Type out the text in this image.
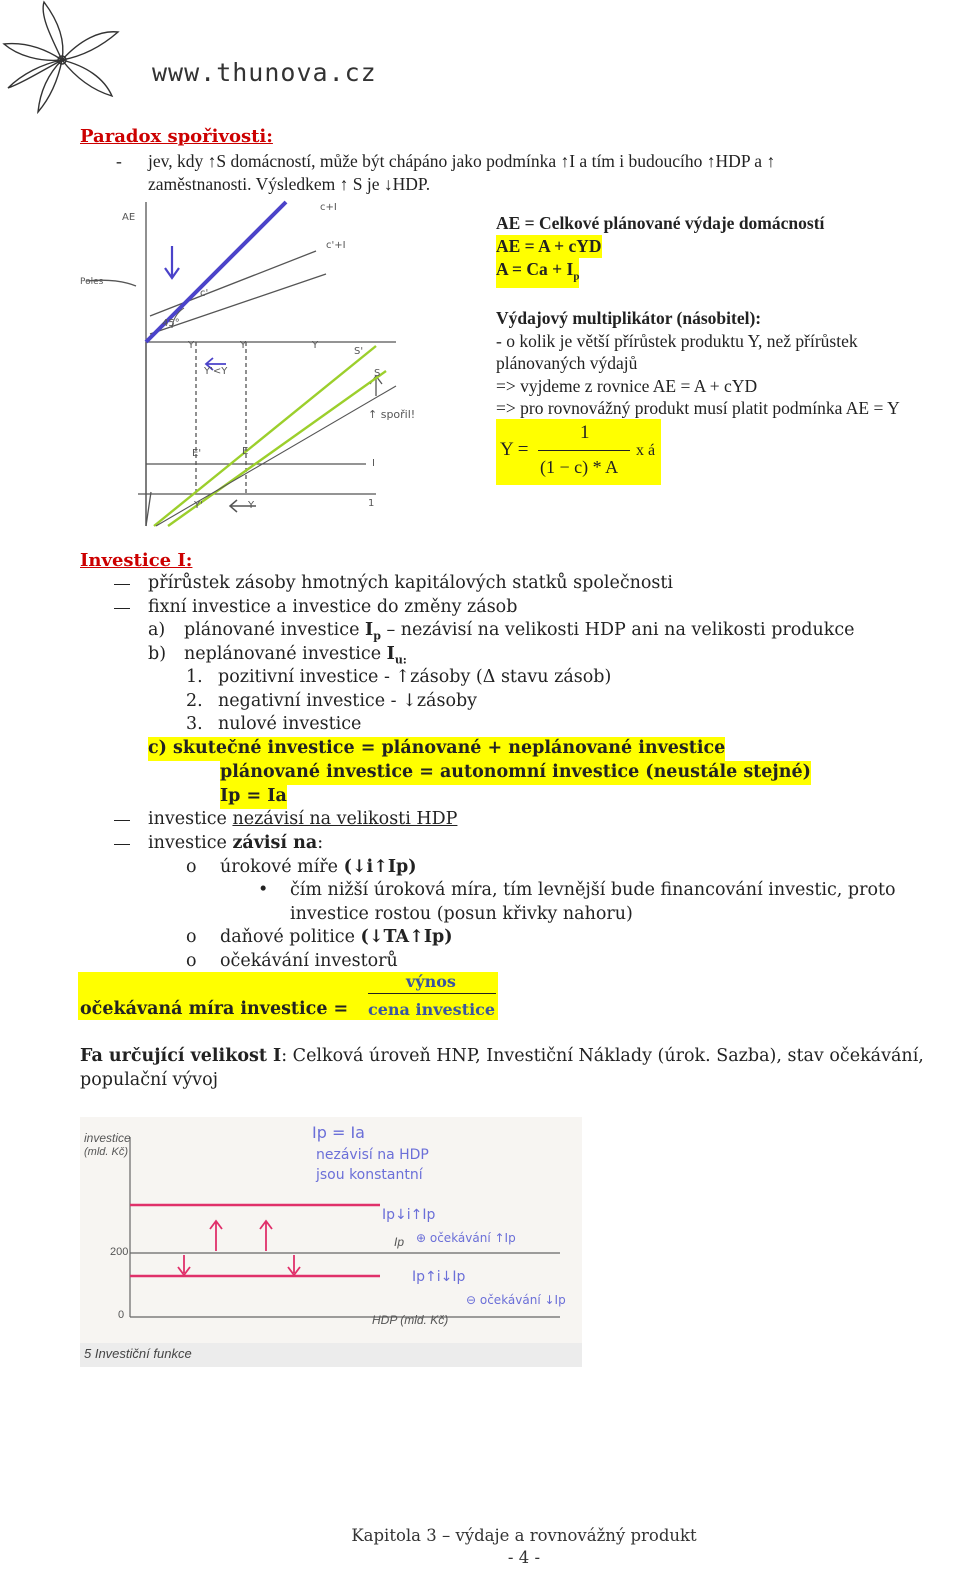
www.thunova.cz
Paradox spořivosti:
- jev, kdy ↑S domácností, může být chápáno jako podmínka ↑I a tím i budoucího ↑HDP a ↑
zaměstnanosti. Výsledkem ↑ S je ↓HDP.
AE
c+I
c'+I
c'
45°
Y	Y	Y
S'
S
Y'<Y
E'	E
I
Y'	Y	1
Poles
↑ spořil!
AE = Celkové plánované výdaje domácností
AE = A + cYD
$A = Ca + I_p$
Výdajový multiplikátor (násobitel):
- o kolik je větší přírůstek produktu Y, než přírůstek
plánovaných výdajů
=> vyjdeme z rovnice AE = A + cYD
=> pro rovnovážný produkt musí platit podmínka AE = Y
Y =
1
(1 − c) * A
x á
Investice I:
přírůstek zásoby hmotných kapitálových statků společnosti
fixní investice a investice do změny zásob
a) plánované investice $I_p$ – nezávisí na velikosti HDP ani na velikosti produkce
b) neplánované investice $I_{u:}$
1. pozitivní investice - ↑zásoby (Δ stavu zásob)
2. negativní investice - ↓zásoby
3. nulové investice
c) skutečné investice = plánované + neplánované investice
plánované investice = autonomní investice (neustále stejné)
Ip = Ia
investice nezávisí na velikosti HDP
investice závisí na:
o úrokové míře (↓i↑Ip)
• čím nižší úroková míra, tím levnější bude financování investic, proto
investice rostou (posun křivky nahoru)
o daňové politice (↓TA↑Ip)
o očekávání investorů
očekávaná míra investice =
výnos
cena investice
Fa určující velikost I: Celková úroveň HNP, Investiční Náklady (úrok. Sazba), stav očekávání,
populační vývoj
investice
(mld. Kč)
200
0	HDP (mld. Kč)
5 Investiční funkce
Ip
Ip = Ia
nezávisí na HDP
jsou konstantní
Ip↓i↑Ip
⊕ očekávání ↑Ip
Ip↑i↓Ip
⊖ očekávání ↓Ip
Kapitola 3 – výdaje a rovnovážný produkt
- 4 -
